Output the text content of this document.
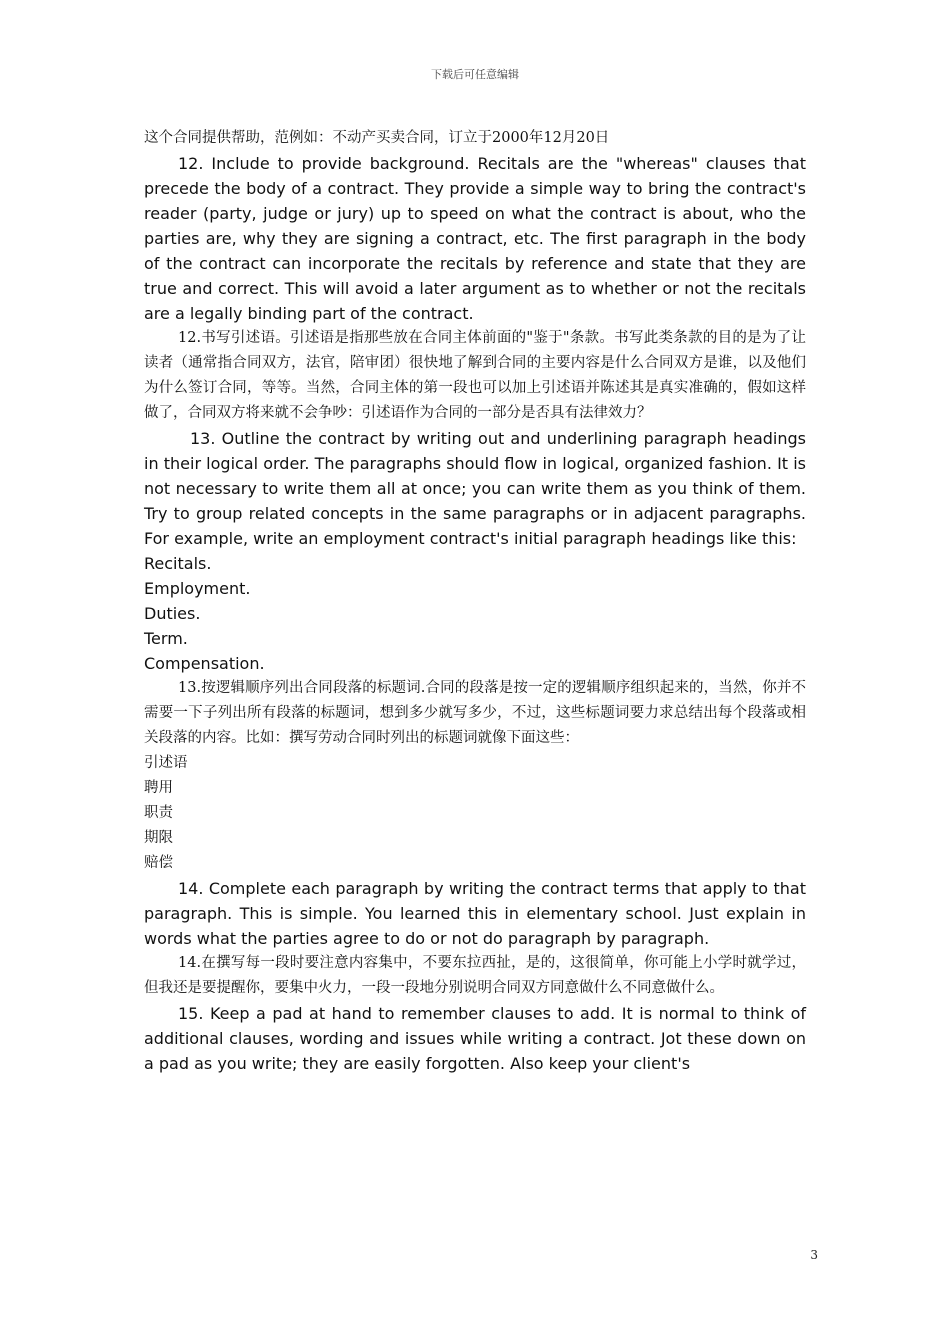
下载后可任意编辑

这个合同提供帮助，范例如：不动产买卖合同，订立于2000年12月20日

12. Include to provide background. Recitals are the "whereas" clauses that precede the body of a contract. They provide a simple way to bring the contract's reader (party, judge or jury) up to speed on what the contract is about, who the parties are, why they are signing a contract, etc. The first paragraph in the body of the contract can incorporate the recitals by reference and state that they are true and correct. This will avoid a later argument as to whether or not the recitals are a legally binding part of the contract.

12.书写引述语。引述语是指那些放在合同主体前面的"鉴于"条款。书写此类条款的目的是为了让读者（通常指合同双方，法官，陪审团）很快地了解到合同的主要内容是什么合同双方是谁，以及他们为什么签订合同，等等。当然，合同主体的第一段也可以加上引述语并陈述其是真实准确的，假如这样做了，合同双方将来就不会争吵：引述语作为合同的一部分是否具有法律效力？

13. Outline the contract by writing out and underlining paragraph headings in their logical order. The paragraphs should flow in logical, organized fashion. It is not necessary to write them all at once; you can write them as you think of them. Try to group related concepts in the same paragraphs or in adjacent paragraphs. For example, write an employment contract's initial paragraph headings like this:

Recitals.

Employment.

Duties.

Term.

Compensation.

13.按逻辑顺序列出合同段落的标题词.合同的段落是按一定的逻辑顺序组织起来的，当然，你并不需要一下子列出所有段落的标题词，想到多少就写多少，不过，这些标题词要力求总结出每个段落或相关段落的内容。比如：撰写劳动合同时列出的标题词就像下面这些：

引述语

聘用

职责

期限

赔偿

14. Complete each paragraph by writing the contract terms that apply to that paragraph. This is simple. You learned this in elementary school. Just explain in words what the parties agree to do or not do paragraph by paragraph.

14.在撰写每一段时要注意内容集中，不要东拉西扯，是的，这很简单，你可能上小学时就学过，但我还是要提醒你，要集中火力，一段一段地分别说明合同双方同意做什么不同意做什么。

15. Keep a pad at hand to remember clauses to add. It is normal to think of additional clauses, wording and issues while writing a contract. Jot these down on a pad as you write; they are easily forgotten. Also keep your client's

3
